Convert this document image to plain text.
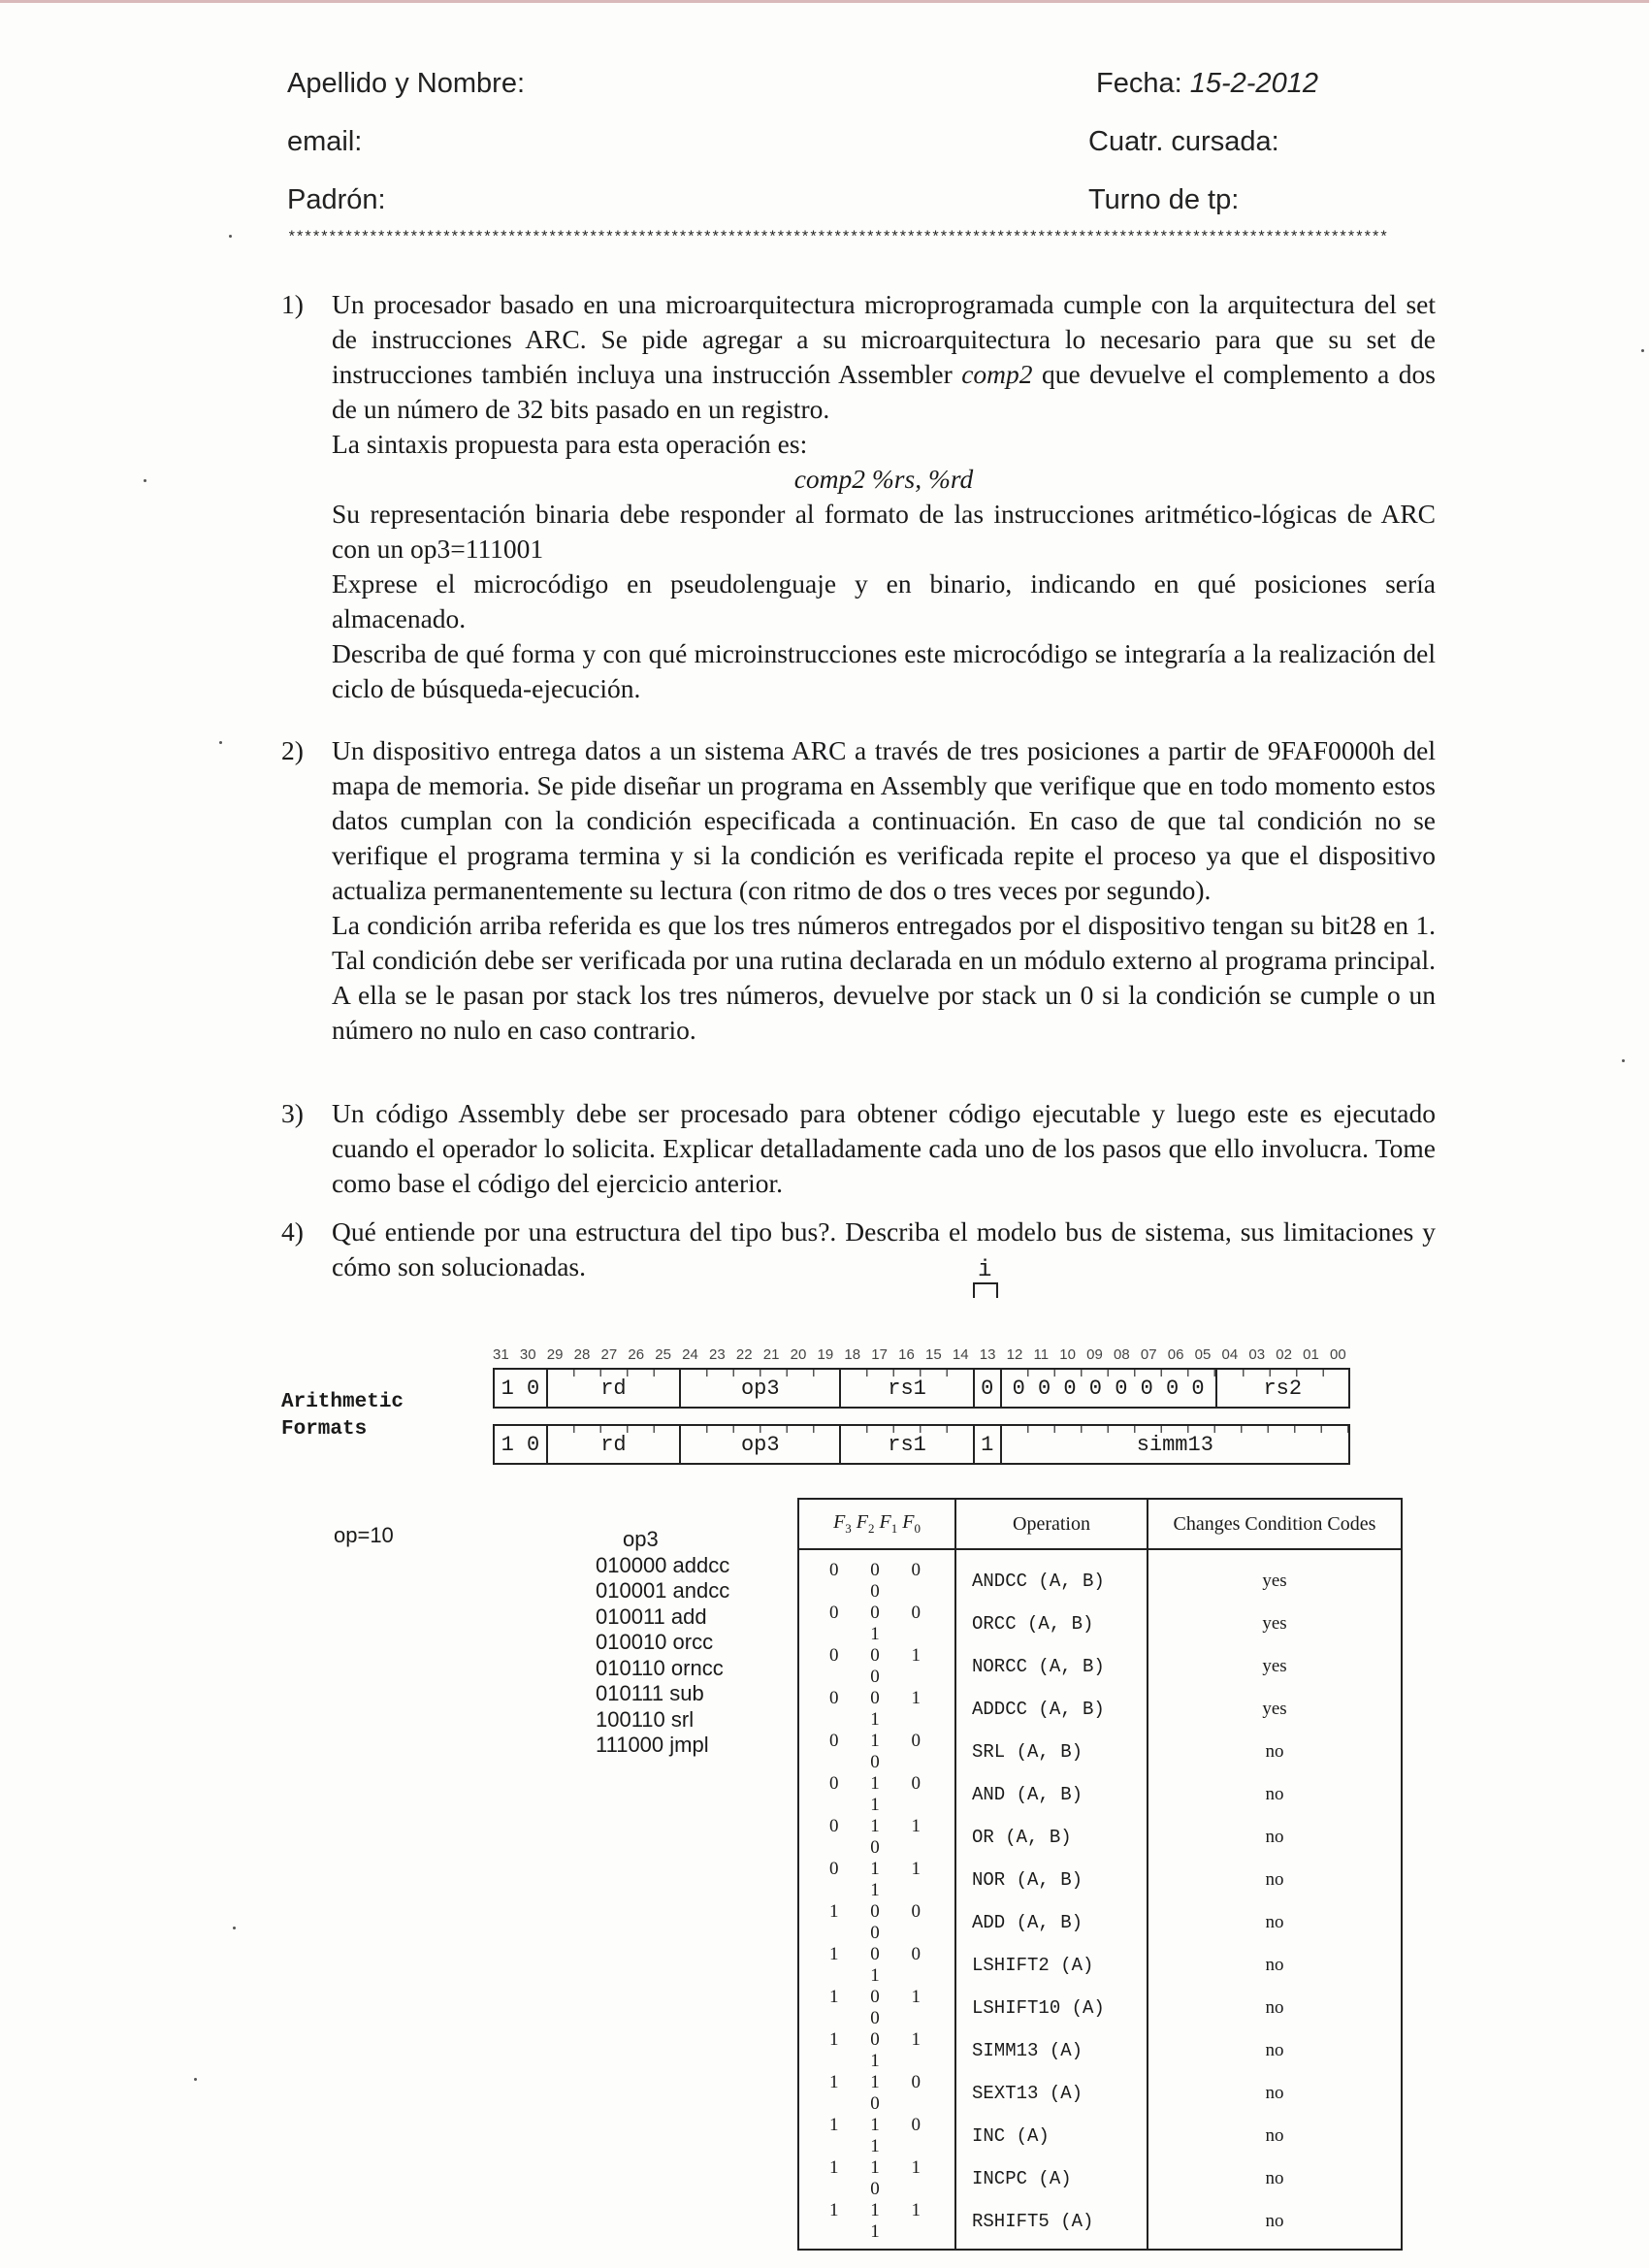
Apellido y Nombre:	Fecha: 15-2-2012
email:	Cuatr. cursada:
Padrón:	Turno de tp:
***************************************************************************************************************************************
1)	Un procesador basado en una microarquitectura microprogramada cumple con la arquitectura del set de instrucciones ARC. Se pide agregar a su microarquitectura lo necesario para que su set de instrucciones también incluya una instrucción Assembler comp2 que devuelve el complemento a dos de un número de 32 bits pasado en un registro.

La sintaxis propuesta para esta operación es:

comp2 %rs, %rd

Su representación binaria debe responder al formato de las instrucciones aritmético-lógicas de ARC con un op3=111001

Exprese el microcódigo en pseudolenguaje y en binario, indicando en qué posiciones sería almacenado.

Describa de qué forma y con qué microinstrucciones este microcódigo se integraría a la realización del ciclo de búsqueda-ejecución.

2)	Un dispositivo entrega datos a un sistema ARC a través de tres posiciones a partir de 9FAF0000h del mapa de memoria. Se pide diseñar un programa en Assembly que verifique que en todo momento estos datos cumplan con la condición especificada a continuación. En caso de que tal condición no se verifique el programa termina y si la condición es verificada repite el proceso ya que el dispositivo actualiza permanentemente su lectura (con ritmo de dos o tres veces por segundo).

La condición arriba referida es que los tres números entregados por el dispositivo tengan su bit28 en 1. Tal condición debe ser verificada por una rutina declarada en un módulo externo al programa principal. A ella se le pasan por stack los tres números, devuelve por stack un 0 si la condición se cumple o un número no nulo en caso contrario.

3)	Un código Assembly debe ser procesado para obtener código ejecutable y luego este es ejecutado cuando el operador lo solicita. Explicar detalladamente cada uno de los pasos que ello involucra. Tome como base el código del ejercicio anterior.

4)	Qué entiende por una estructura del tipo bus?. Describa el modelo bus de sistema, sus limitaciones y cómo son solucionadas.	i
31 30 29 28 27 26 25 24 23 22 21 20 19 18 17 16 15 14 13 12 11 10 09 08 07 06 05 04 03 02 01 00
Arithmetic
Formats
1 0	rd	op3	rs1	0 0 0 0 0 0 0 0 0	rs2
1 0	rd	op3	rs1	1	simm13
op=10	op3
010000 addcc
010001 andcc
010011 add
010010 orcc
010110 orncc
010111 sub
100110 srl
111000 jmpl
$F_3$ $F_2$ $F_1$ $F_0$	Operation	Changes Condition Codes
0 0 0 0	ANDCC (A, B)	yes
0 0 0 1	ORCC (A, B)	yes
0 0 1 0	NORCC (A, B)	yes
0 0 1 1	ADDCC (A, B)	yes
0 1 0 0	SRL (A, B)	no
0 1 0 1	AND (A, B)	no
0 1 1 0	OR (A, B)	no
0 1 1 1	NOR (A, B)	no
1 0 0 0	ADD (A, B)	no
1 0 0 1	LSHIFT2 (A)	no
1 0 1 0	LSHIFT10 (A)	no
1 0 1 1	SIMM13 (A)	no
1 1 0 0	SEXT13 (A)	no
1 1 0 1	INC (A)	no
1 1 1 0	INCPC (A)	no
1 1 1 1	RSHIFT5 (A)	no
